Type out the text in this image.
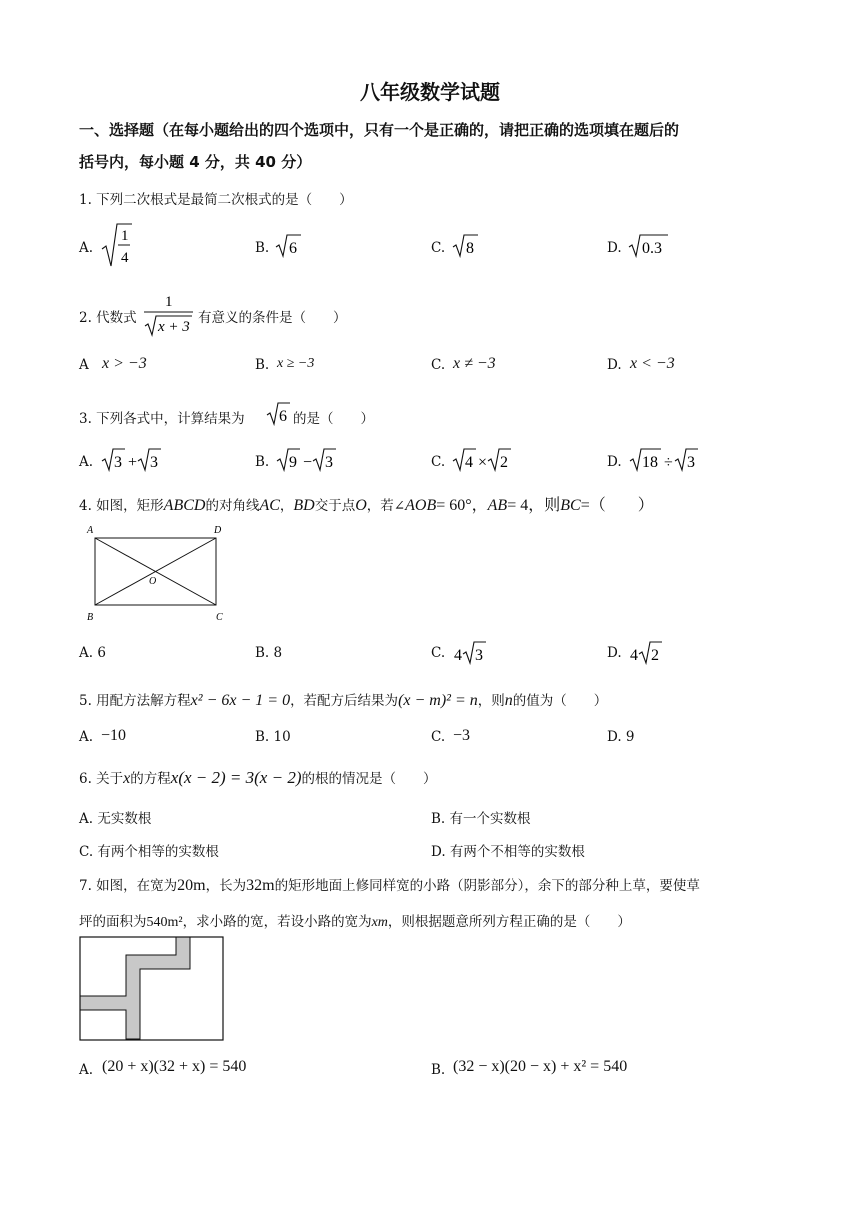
八年级数学试题
一、选择题（在每小题给出的四个选项中，只有一个是正确的，请把正确的选项填在题后的
括号内，每小题 4 分，共 40 分）
1. 下列二次根式是最简二次根式的是（　　）
A.
1
4
B. 6	C. 8	D. 0.3
2. 代数式
1
x + 3
有意义的条件是（　　）
A x > −3	B. x ≥ −3	C. x ≠ −3	D. x < −3
3. 下列各式中，计算结果为 6 的是（　　）
A. 3 + 3	B. 9 − 3	C. 4 × 2	D. 18 ÷ 3
4. 如图，矩形ABCD的对角线AC，BD交于点O，若∠AOB= 60°，AB= 4，则BC=（　　）
A	D
B	C
O
A. 6	B. 8	C. 4 3	D. 4 2
5. 用配方法解方程x² − 6x − 1 = 0，若配方后结果为(x − m)² = n，则n的值为（　　）
A. −10	B. 10	C. −3	D. 9
6. 关于x的方程x(x − 2) = 3(x − 2)的根的情况是（　　）
A. 无实数根	B. 有一个实数根
C. 有两个相等的实数根	D. 有两个不相等的实数根
7. 如图，在宽为20m，长为32m的矩形地面上修同样宽的小路（阴影部分），余下的部分种上草，要使草
坪的面积为540m²，求小路的宽，若设小路的宽为xm，则根据题意所列方程正确的是（　　）
A. (20 + x)(32 + x) = 540	B. (32 − x)(20 − x) + x² = 540
